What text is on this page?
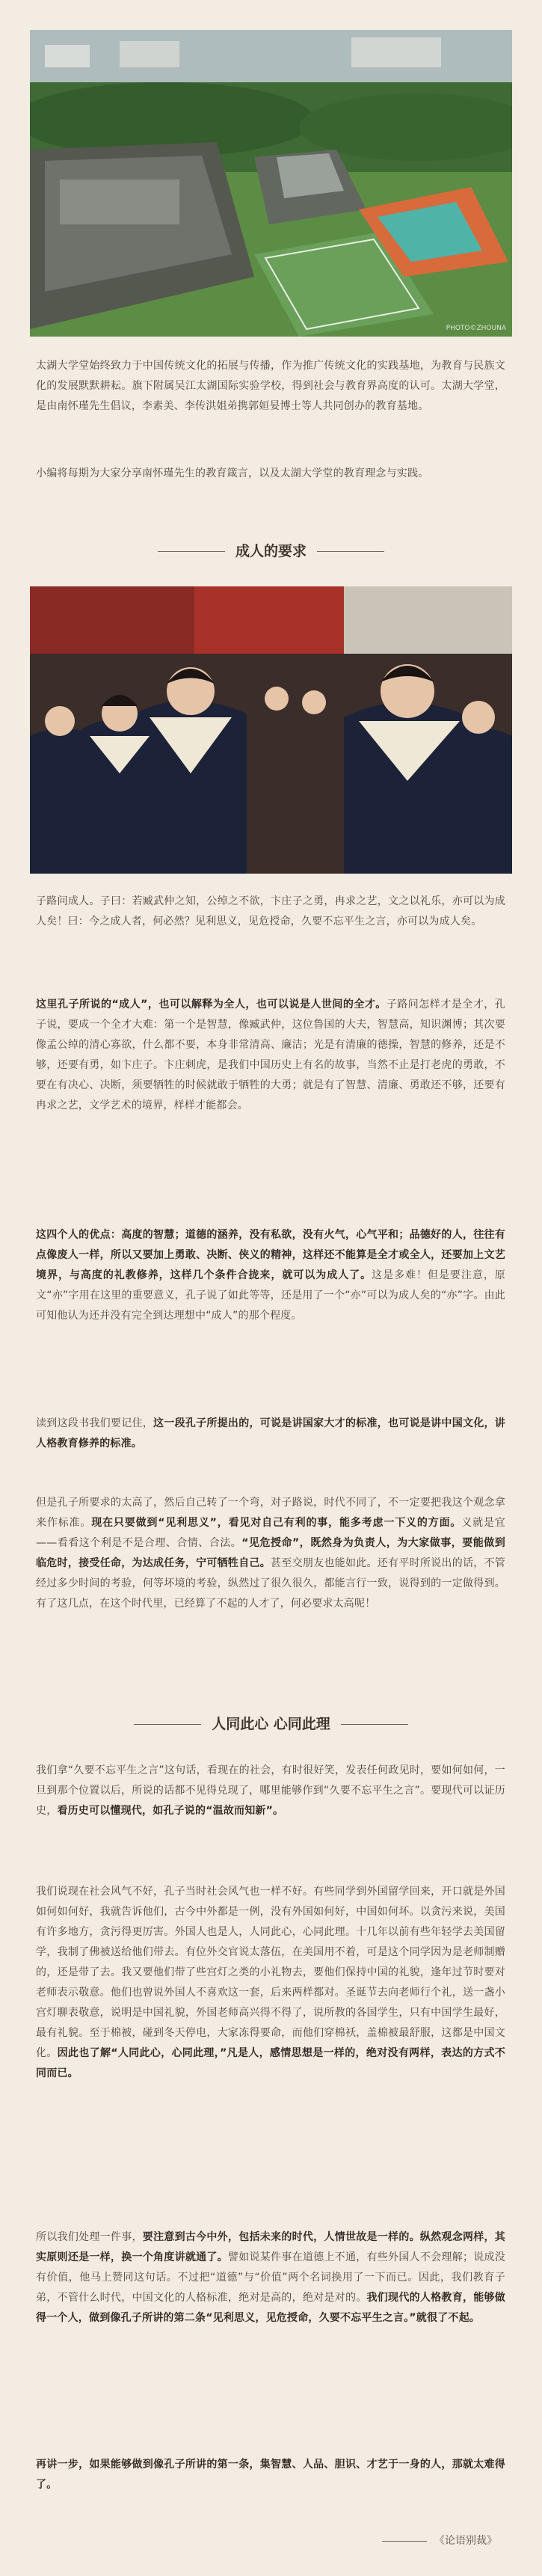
PHOTO©ZHOUNA

太湖大学堂始终致力于中国传统文化的拓展与传播，作为推广传统文化的实践基地，为教育与民族文化的发展默默耕耘。旗下附属吴江太湖国际实验学校，得到社会与教育界高度的认可。太湖大学堂，是由南怀瑾先生倡议，李素美、李传洪姐弟携郭姮妟博士等人共同创办的教育基地。

小编将每期为大家分享南怀瑾先生的教育箴言，以及太湖大学堂的教育理念与实践。

成人的要求

子路问成人。子曰：若臧武仲之知，公绰之不欲，卞庄子之勇，冉求之艺，文之以礼乐，亦可以为成人矣！曰：今之成人者，何必然？见利思义，见危授命，久要不忘平生之言，亦可以为成人矣。

这里孔子所说的“成人”，也可以解释为全人，也可以说是人世间的全才。子路问怎样才是全才，孔子说，要成一个全才大难：第一个是智慧，像臧武仲，这位鲁国的大夫，智慧高，知识渊博；其次要像孟公绰的清心寡欲，什么都不要，本身非常清高、廉洁；光是有清廉的德操，智慧的修养，还是不够，还要有勇，如卞庄子。卞庄刺虎，是我们中国历史上有名的故事，当然不止是打老虎的勇敢，不要在有决心、决断，须要牺牲的时候就敢于牺牲的大勇；就是有了智慧、清廉、勇敢还不够，还要有冉求之艺，文学艺术的境界，样样才能都会。

这四个人的优点：高度的智慧；道德的涵养，没有私欲，没有火气，心气平和；品德好的人，往往有点像废人一样，所以又要加上勇敢、决断、侠义的精神，这样还不能算是全才或全人，还要加上文艺境界，与高度的礼教修养，这样几个条件合拢来，就可以为成人了。这是多难！但是要注意，原文“亦”字用在这里的重要意义，孔子说了如此等等，还是用了一个“亦”可以为成人矣的“亦”字。由此可知他认为还并没有完全到达理想中“成人”的那个程度。

读到这段书我们要记住，这一段孔子所提出的，可说是讲国家大才的标准，也可说是讲中国文化，讲人格教育修养的标准。

但是孔子所要求的太高了，然后自己转了一个弯，对子路说，时代不同了，不一定要把我这个观念拿来作标准。现在只要做到“见利思义”，看见对自己有利的事，能多考虑一下义的方面。义就是宜——看看这个利是不是合理、合情、合法。“见危授命”，既然身为负责人，为大家做事，要能做到临危时，接受任命，为达成任务，宁可牺牲自己。甚至交朋友也能如此。还有平时所说出的话，不管经过多少时间的考验，何等坏境的考验，纵然过了很久很久，都能言行一致，说得到的一定做得到。有了这几点，在这个时代里，已经算了不起的人才了，何必要求太高呢！

人同此心 心同此理

我们拿“久要不忘平生之言”这句话，看现在的社会，有时很好笑，发表任何政见时，要如何如何，一旦到那个位置以后，所说的话都不见得兑现了，哪里能够作到“久要不忘平生之言”。要现代可以证历史，看历史可以懂现代，如孔子说的“温故而知新”。

我们说现在社会风气不好，孔子当时社会风气也一样不好。有些同学到外国留学回来，开口就是外国如何如何好，我就告诉他们，古今中外都是一例，没有外国如何好，中国如何坏。以贪污来说，美国有许多地方，贪污得更厉害。外国人也是人，人同此心，心同此理。十几年以前有些年轻学去美国留学，我制了佛被送给他们带去。有位外交官说太落伍，在美国用不着，可是这个同学因为是老师制赠的，还是带了去。我又要他们带了些宫灯之类的小礼物去，要他们保持中国的礼貌，逢年过节时要对老师表示敬意。他们也曾说外国人不喜欢这一套，后来两样都对。圣诞节去向老师行个礼，送一盏小宫灯聊表敬意，说明是中国礼貌，外国老师高兴得不得了，说所教的各国学生，只有中国学生最好，最有礼貌。至于棉被，碰到冬天停电，大家冻得要命，而他们穿棉袄，盖棉被最舒服，这都是中国文化。因此也了解“人同此心，心同此理，”凡是人，感情思想是一样的，绝对没有两样，表达的方式不同而已。

所以我们处理一件事，要注意到古今中外，包括未来的时代，人情世故是一样的。纵然观念两样，其实原则还是一样，换一个角度讲就通了。譬如说某件事在道德上不通，有些外国人不会理解；说成没有价值，他马上赞同这句话。不过把“道德”与“价值”两个名词换用了一下而已。因此，我们教育子弟，不管什么时代，中国文化的人格标准，绝对是高的，绝对是对的。我们现代的人格教育，能够做得一个人，做到像孔子所讲的第二条“见利思义，见危授命，久要不忘平生之言。”就很了不起。

再讲一步，如果能够做到像孔子所讲的第一条，集智慧、人品、胆识、才艺于一身的人，那就太难得了。

《论语别裁》
